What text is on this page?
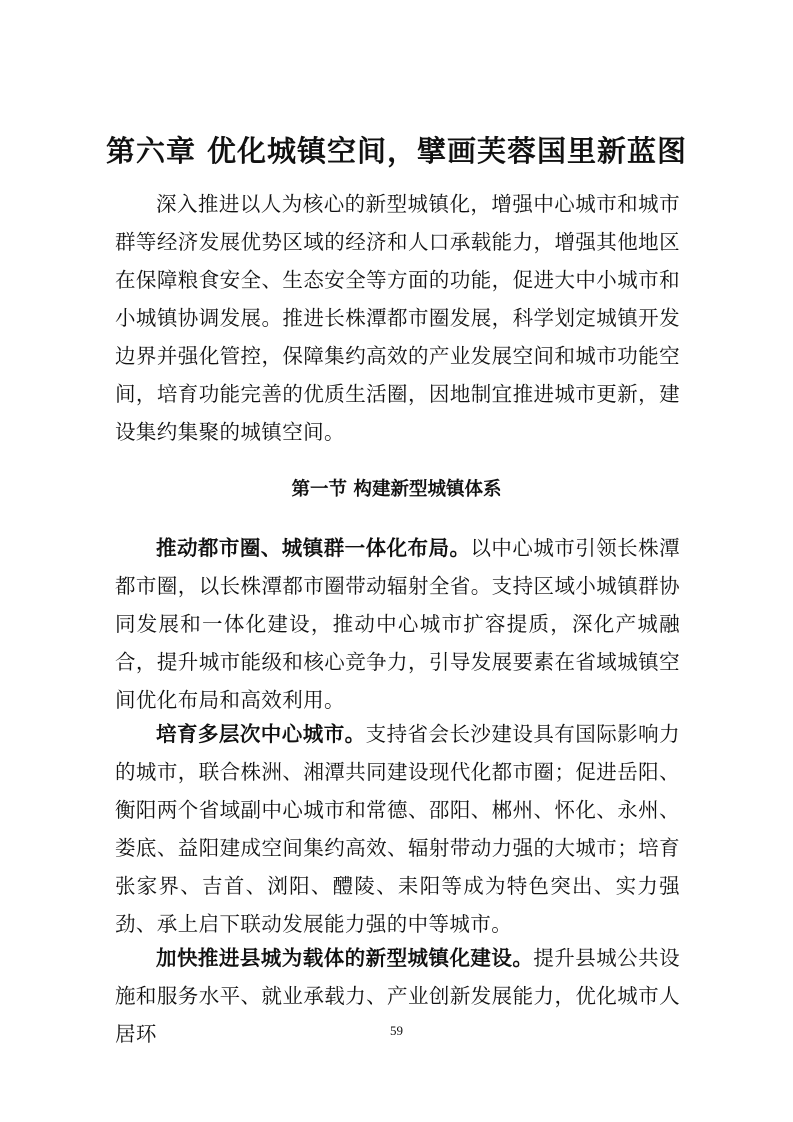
第六章 优化城镇空间，擘画芙蓉国里新蓝图

深入推进以人为核心的新型城镇化，增强中心城市和城市群等经济发展优势区域的经济和人口承载能力，增强其他地区在保障粮食安全、生态安全等方面的功能，促进大中小城市和小城镇协调发展。推进长株潭都市圈发展，科学划定城镇开发边界并强化管控，保障集约高效的产业发展空间和城市功能空间，培育功能完善的优质生活圈，因地制宜推进城市更新，建设集约集聚的城镇空间。

第一节 构建新型城镇体系

推动都市圈、城镇群一体化布局。以中心城市引领长株潭都市圈，以长株潭都市圈带动辐射全省。支持区域小城镇群协同发展和一体化建设，推动中心城市扩容提质，深化产城融合，提升城市能级和核心竞争力，引导发展要素在省域城镇空间优化布局和高效利用。

培育多层次中心城市。支持省会长沙建设具有国际影响力的城市，联合株洲、湘潭共同建设现代化都市圈；促进岳阳、衡阳两个省域副中心城市和常德、邵阳、郴州、怀化、永州、娄底、益阳建成空间集约高效、辐射带动力强的大城市；培育张家界、吉首、浏阳、醴陵、耒阳等成为特色突出、实力强劲、承上启下联动发展能力强的中等城市。

加快推进县城为载体的新型城镇化建设。提升县城公共设施和服务水平、就业承载力、产业创新发展能力，优化城市人居环	59
